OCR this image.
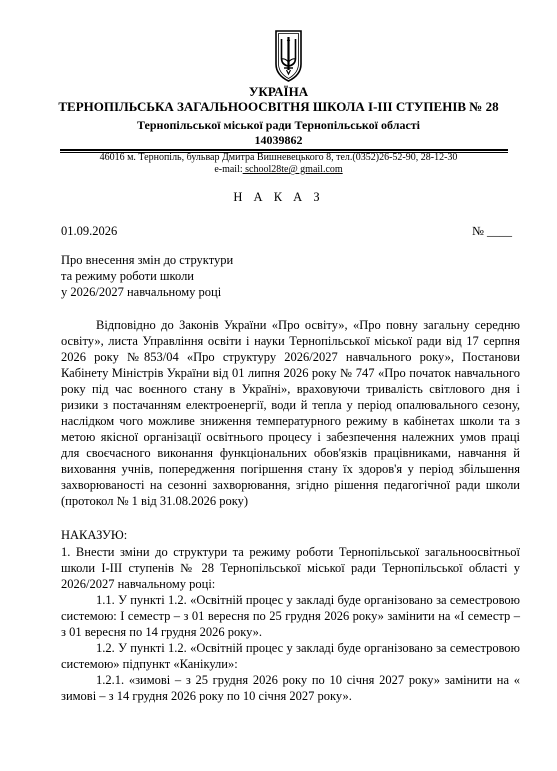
УКРАЇНА
ТЕРНОПІЛЬСЬКА ЗАГАЛЬНООСВІТНЯ ШКОЛА І-ІІІ СТУПЕНІВ № 28
Тернопільської міської ради Тернопільської області
14039862
46016 м. Тернопіль, бульвар Дмитра Вишневецького 8, тел.(0352)26-52-90, 28-12-30
e-mail: school28te@ gmail.com
Н А К А З
01.09.2026	№ ____
Про внесення змін до структури
та режиму роботи школи
у 2026/2027 навчальному році
Відповідно до Законів України «Про освіту», «Про повну загальну середню освіту», листа Управління освіти і науки Тернопільської міської ради від 17 серпня 2026 року №853/04 «Про структуру 2026/2027 навчального року», Постанови Кабінету Міністрів України від 01 липня 2026 року № 747 «Про початок навчального року під час воєнного стану в Україні», враховуючи тривалість світлового дня і ризики з постачанням електроенергії, води й тепла у період опалювального сезону, наслідком чого можливе зниження температурного режиму в кабінетах школи та з метою якісної організації освітнього процесу і забезпечення належних умов праці для своєчасного виконання функціональних обов'язків працівниками, навчання й виховання учнів, попередження погіршення стану їх здоров'я у період збільшення захворюваності на сезонні захворювання, згідно рішення педагогічної ради школи (протокол № 1 від 31.08.2026 року)
НАКАЗУЮ:
1. Внести зміни до структури та режиму роботи Тернопільської загальноосвітньої школи І-ІІІ ступенів № 28 Тернопільської міської ради Тернопільської області у 2026/2027 навчальному році:
1.1. У пункті 1.2. «Освітній процес у закладі буде організовано за семестровою системою: І семестр – з 01 вересня по 25 грудня 2026 року» замінити на «І семестр – з 01 вересня по 14 грудня 2026 року».
1.2. У пункті 1.2. «Освітній процес у закладі буде організовано за семестровою системою» підпункт «Канікули»:
1.2.1. «зимові – з 25 грудня 2026 року по 10 січня 2027 року» замінити на « зимові – з 14 грудня 2026 року по 10 січня 2027 року».
